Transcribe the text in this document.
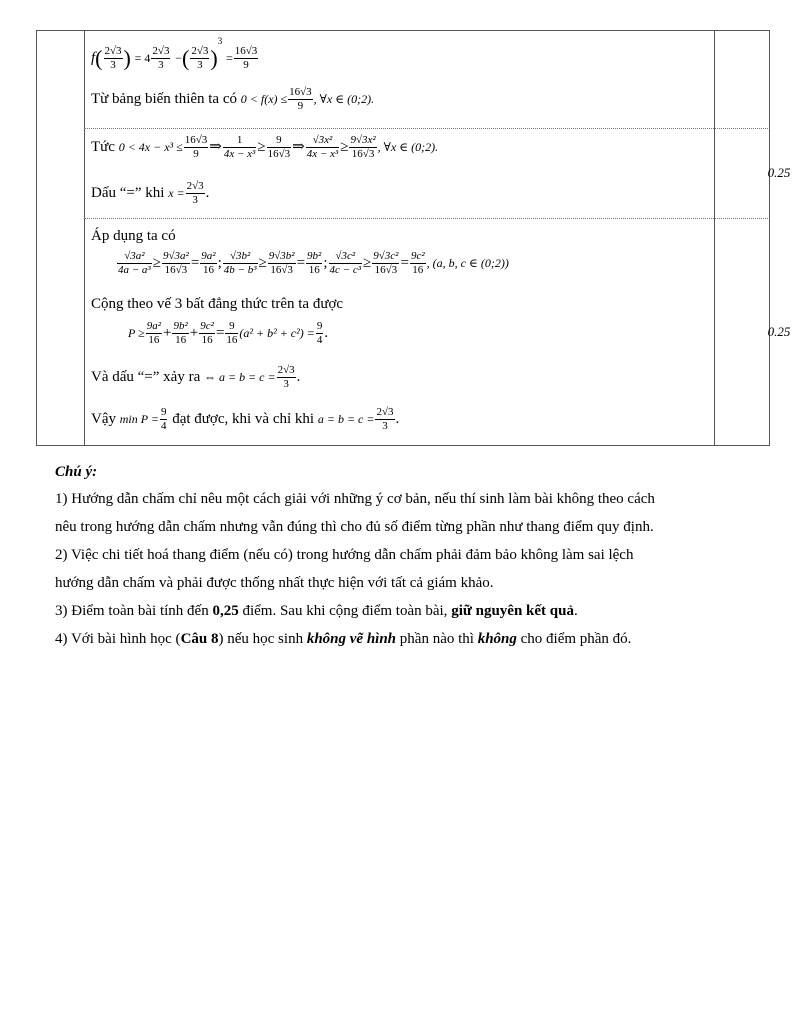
$f( \frac{2√3}{3}$ ) = $4 \frac{2√3}{3}$ −( $\frac{2√3}{3} )^3 = \frac{16√3}{9}$
Từ bảng biến thiên ta có $0 < f(x) \le \frac{16√3}{9}$ , ∀x ∈ (0;2).
Tức $0 < 4x - x^3 \le \frac{16√3}{9}$ ⇒ $\frac{1}{\text{4x − x³}} \ge \frac{9}{16√3}$ ⇒ $\frac{\text{√3x²}}{\text{4x − x³}} \ge \frac{\text{9√3x²}}{16√3}$ , ∀x ∈ (0;2).
Dấu “=” khi $x = \frac{2√3}{3}$ .
0.25
Áp dụng ta có
$\frac{\text{√3a²}}{\text{4a − a³}} \ge \frac{\text{9√3a²}}{16√3} = \frac{\text{9a²}}{16}$ ; $\frac{\text{√3b²}}{\text{4b − b³}} \ge \frac{\text{9√3b²}}{16√3} = \frac{\text{9b²}}{16}$ ; $\frac{\text{√3c²}}{\text{4c − c³}} \ge \frac{\text{9√3c²}}{16√3} = \frac{\text{9c²}}{16}$ , (a, b, c ∈ (0;2))
Cộng theo vế 3 bất đẳng thức trên ta được
$P \ge \frac{\text{9a²}}{16} + \frac{\text{9b²}}{16} + \frac{\text{9c²}}{16} = \frac{9}{16} (a^2 + b^2 + c^2) = \frac{9}{4}$ .
Và dấu “=” xảy ra ⇔ $a = b = c = \frac{2√3}{3}$ .
Vậy $\min P = \frac{9}{4}$ đạt được, khi và chỉ khi $a = b = c = \frac{2√3}{3}$ .
0.25
Chú ý:

1) Hướng dẫn chấm chỉ nêu một cách giải với những ý cơ bản, nếu thí sinh làm bài không theo cách

nêu trong hướng dẫn chấm nhưng vẫn đúng thì cho đủ số điểm từng phần như thang điểm quy định.

2) Việc chi tiết hoá thang điểm (nếu có) trong hướng dẫn chấm phải đảm bảo không làm sai lệch

hướng dẫn chấm và phải được thống nhất thực hiện với tất cả giám khảo.

3) Điểm toàn bài tính đến 0,25 điểm. Sau khi cộng điểm toàn bài, giữ nguyên kết quả.

4) Với bài hình học (Câu 8) nếu học sinh không vẽ hình phần nào thì không cho điểm phần đó.
